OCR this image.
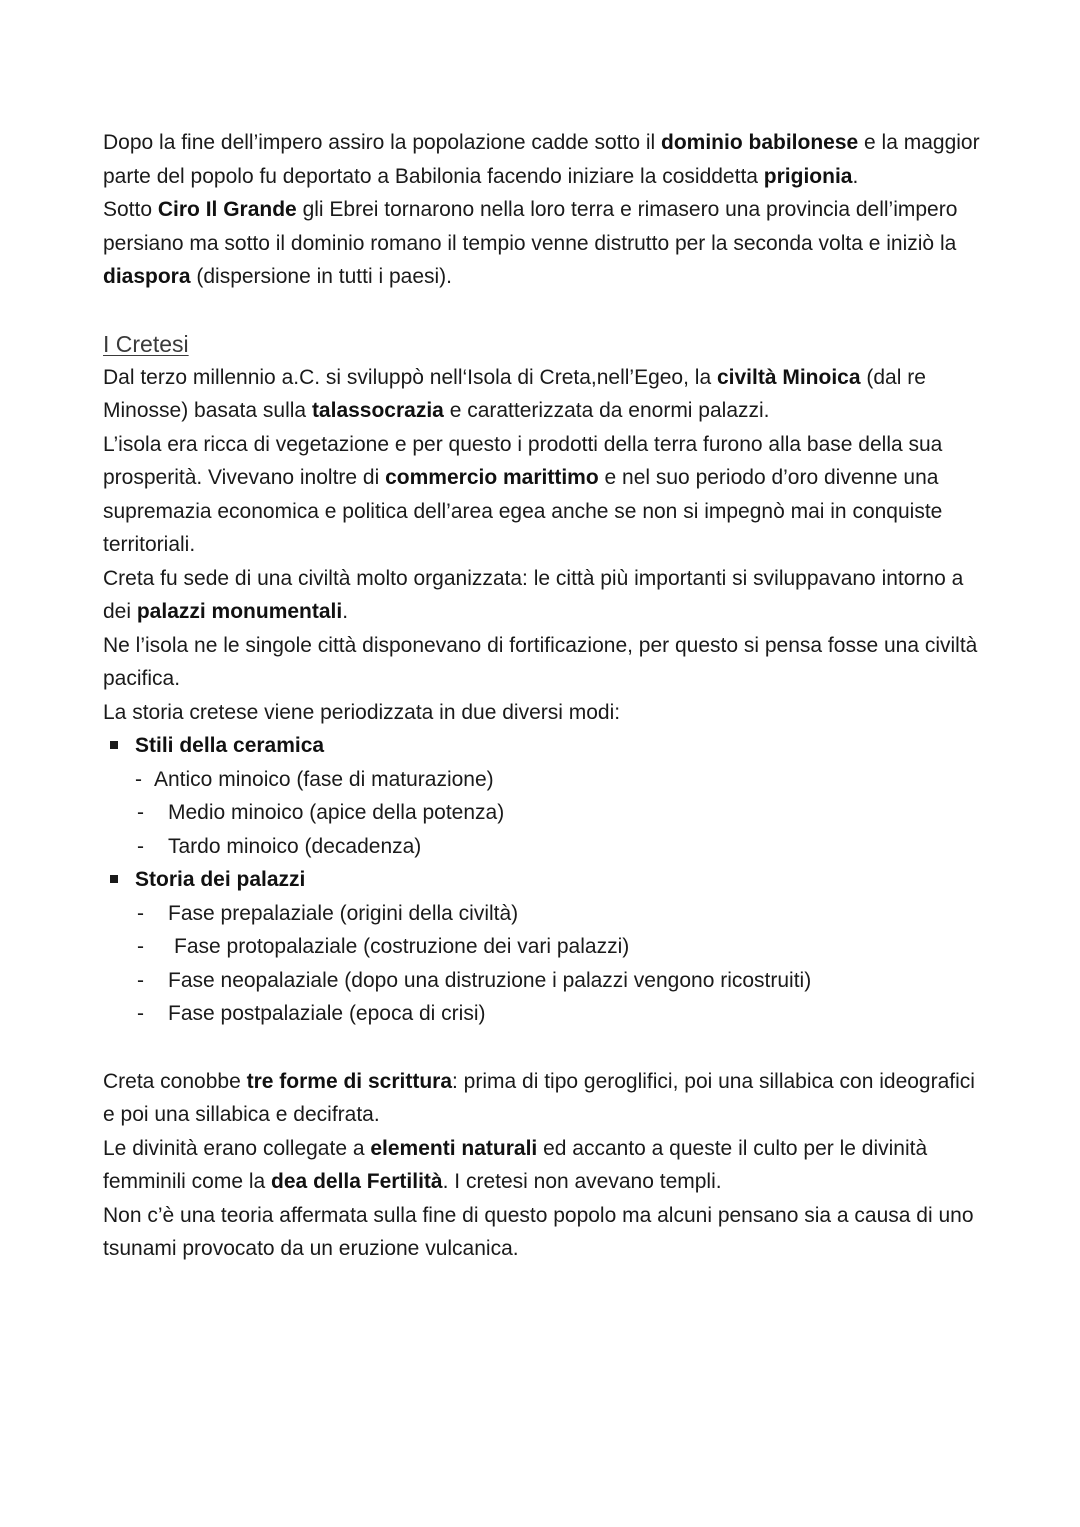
Dopo la fine dell’impero assiro la popolazione cadde sotto il dominio babilonese e la maggior parte del popolo fu deportato a Babilonia facendo iniziare la cosiddetta prigionia.

Sotto Ciro Il Grande gli Ebrei tornarono nella loro terra e rimasero una provincia dell’impero persiano ma sotto il dominio romano il tempio venne distrutto per la seconda volta e iniziò la diaspora (dispersione in tutti i paesi).

I Cretesi

Dal terzo millennio a.C. si sviluppò nell‘Isola di Creta,nell’Egeo, la civiltà Minoica (dal re Minosse) basata sulla talassocrazia e caratterizzata da enormi palazzi.

L’isola era ricca di vegetazione e per questo i prodotti della terra furono alla base della sua prosperità. Vivevano inoltre di commercio marittimo e nel suo periodo d’oro divenne una supremazia economica e politica dell’area egea anche se non si impegnò mai in conquiste territoriali.

Creta fu sede di una civiltà molto organizzata: le città più importanti si sviluppavano intorno a dei palazzi monumentali.

Ne l’isola ne le singole città disponevano di fortificazione, per questo si pensa fosse una civiltà pacifica.

La storia cretese viene periodizzata in due diversi modi:

Stili della ceramica
- Antico minoico (fase di maturazione)
-	Medio minoico (apice della potenza)
-	Tardo minoico (decadenza)
Storia dei palazzi
-	Fase prepalaziale (origini della civiltà)
-	Fase protopalaziale (costruzione dei vari palazzi)
-	Fase neopalaziale (dopo una distruzione i palazzi vengono ricostruiti)
-	Fase postpalaziale (epoca di crisi)

Creta conobbe tre forme di scrittura: prima di tipo geroglifici, poi una sillabica con ideografici e poi una sillabica e decifrata.

Le divinità erano collegate a elementi naturali ed accanto a queste il culto per le divinità femminili come la dea della Fertilità. I cretesi non avevano templi.

Non c’è una teoria affermata sulla fine di questo popolo ma alcuni pensano sia a causa di uno tsunami provocato da un eruzione vulcanica.
